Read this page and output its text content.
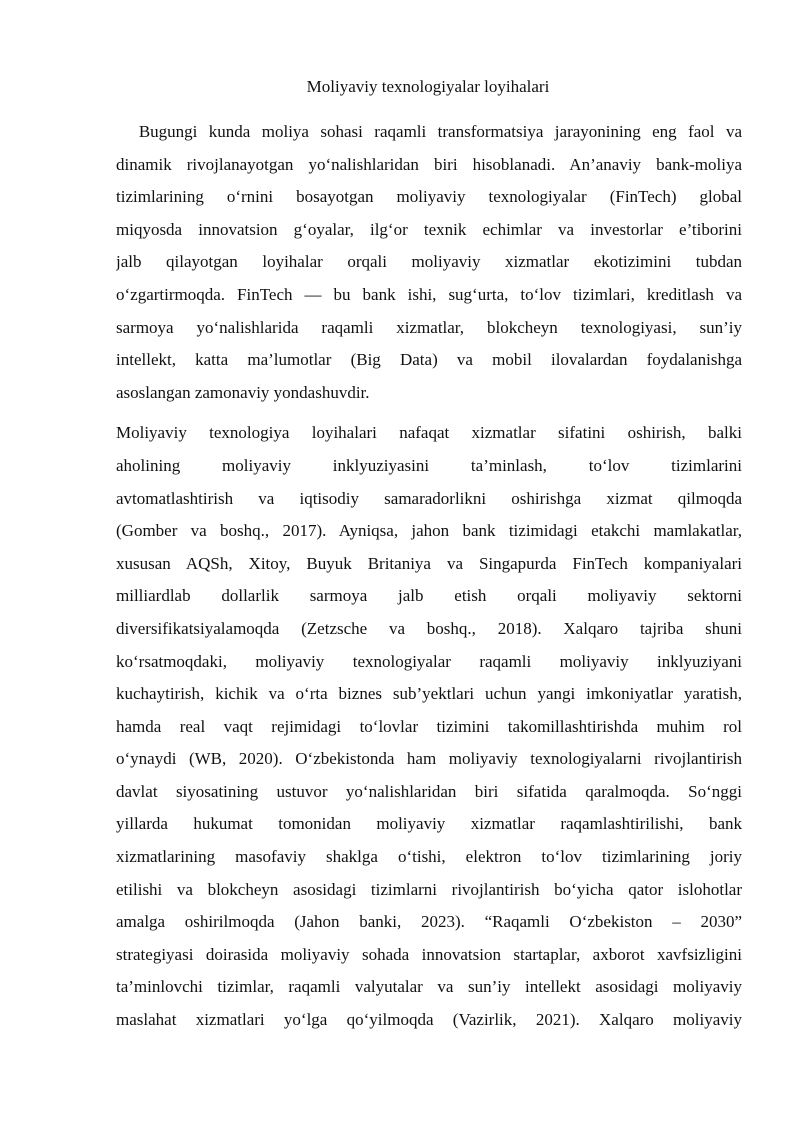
Moliyaviy texnologiyalar loyihalari
Bugungi kunda moliya sohasi raqamli transformatsiya jarayonining eng faol va
dinamik rivojlanayotgan yo‘nalishlaridan biri hisoblanadi. An’anaviy bank-moliya
tizimlarining o‘rnini bosayotgan moliyaviy texnologiyalar (FinTech) global
miqyosda innovatsion g‘oyalar, ilg‘or texnik echimlar va investorlar e’tiborini
jalb qilayotgan loyihalar orqali moliyaviy xizmatlar ekotizimini tubdan
o‘zgartirmoqda. FinTech — bu bank ishi, sug‘urta, to‘lov tizimlari, kreditlash va
sarmoya yo‘nalishlarida raqamli xizmatlar, blokcheyn texnologiyasi, sun’iy
intellekt, katta ma’lumotlar (Big Data) va mobil ilovalardan foydalanishga
asoslangan zamonaviy yondashuvdir.
Moliyaviy texnologiya loyihalari nafaqat xizmatlar sifatini oshirish, balki
aholining moliyaviy inklyuziyasini ta’minlash, to‘lov tizimlarini
avtomatlashtirish va iqtisodiy samaradorlikni oshirishga xizmat qilmoqda
(Gomber va boshq., 2017). Ayniqsa, jahon bank tizimidagi etakchi mamlakatlar,
xususan AQSh, Xitoy, Buyuk Britaniya va Singapurda FinTech kompaniyalari
milliardlab dollarlik sarmoya jalb etish orqali moliyaviy sektorni
diversifikatsiyalamoqda (Zetzsche va boshq., 2018). Xalqaro tajriba shuni
ko‘rsatmoqdaki, moliyaviy texnologiyalar raqamli moliyaviy inklyuziyani
kuchaytirish, kichik va o‘rta biznes sub’yektlari uchun yangi imkoniyatlar yaratish,
hamda real vaqt rejimidagi to‘lovlar tizimini takomillashtirishda muhim rol
o‘ynaydi (WB, 2020). O‘zbekistonda ham moliyaviy texnologiyalarni rivojlantirish
davlat siyosatining ustuvor yo‘nalishlaridan biri sifatida qaralmoqda. So‘nggi
yillarda hukumat tomonidan moliyaviy xizmatlar raqamlashtirilishi, bank
xizmatlarining masofaviy shaklga o‘tishi, elektron to‘lov tizimlarining joriy
etilishi va blokcheyn asosidagi tizimlarni rivojlantirish bo‘yicha qator islohotlar
amalga oshirilmoqda (Jahon banki, 2023). “Raqamli O‘zbekiston – 2030”
strategiyasi doirasida moliyaviy sohada innovatsion startaplar, axborot xavfsizligini
ta’minlovchi tizimlar, raqamli valyutalar va sun’iy intellekt asosidagi moliyaviy
maslahat xizmatlari yo‘lga qo‘yilmoqda (Vazirlik, 2021). Xalqaro moliyaviy
